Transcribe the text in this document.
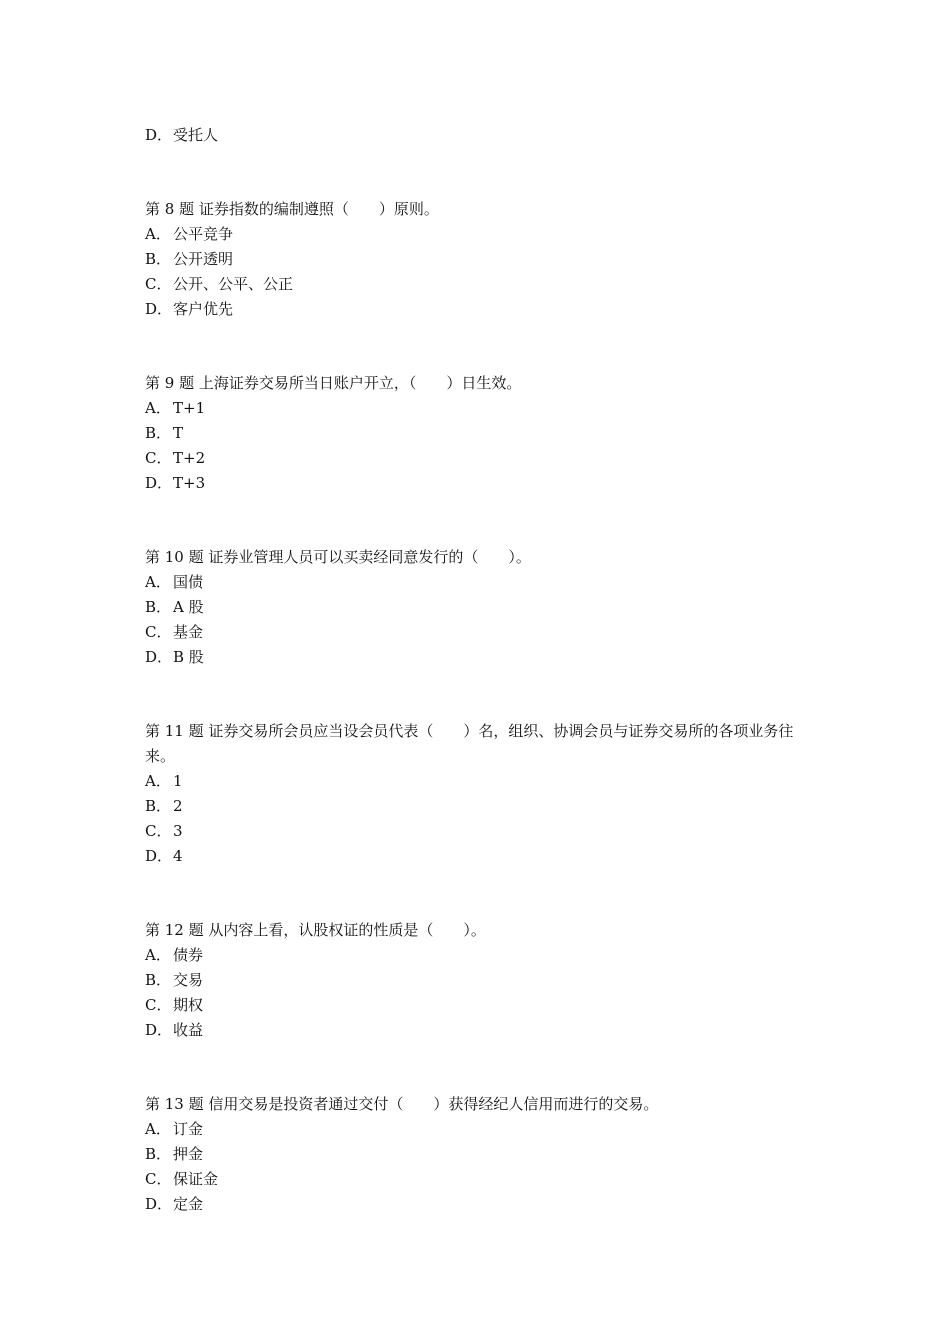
D．受托人
第 8 题 证券指数的编制遵照（　　）原则。
A． 公平竞争
B． 公开透明
C． 公开、公平、公正
D．客户优先
第 9 题 上海证券交易所当日账户开立，（　　）日生效。
A． T+1
B． T
C． T+2
D．T+3
第 10 题 证券业管理人员可以买卖经同意发行的（　　）。
A． 国债
B． A 股
C． 基金
D．B 股
第 11 题 证券交易所会员应当设会员代表（　　）名，组织、协调会员与证券交易所的各项业务往来。
A． 1
B． 2
C． 3
D．4
第 12 题 从内容上看，认股权证的性质是（　　）。
A． 债券
B． 交易
C． 期权
D．收益
第 13 题 信用交易是投资者通过交付（　　）获得经纪人信用而进行的交易。
A． 订金
B． 押金
C． 保证金
D．定金
